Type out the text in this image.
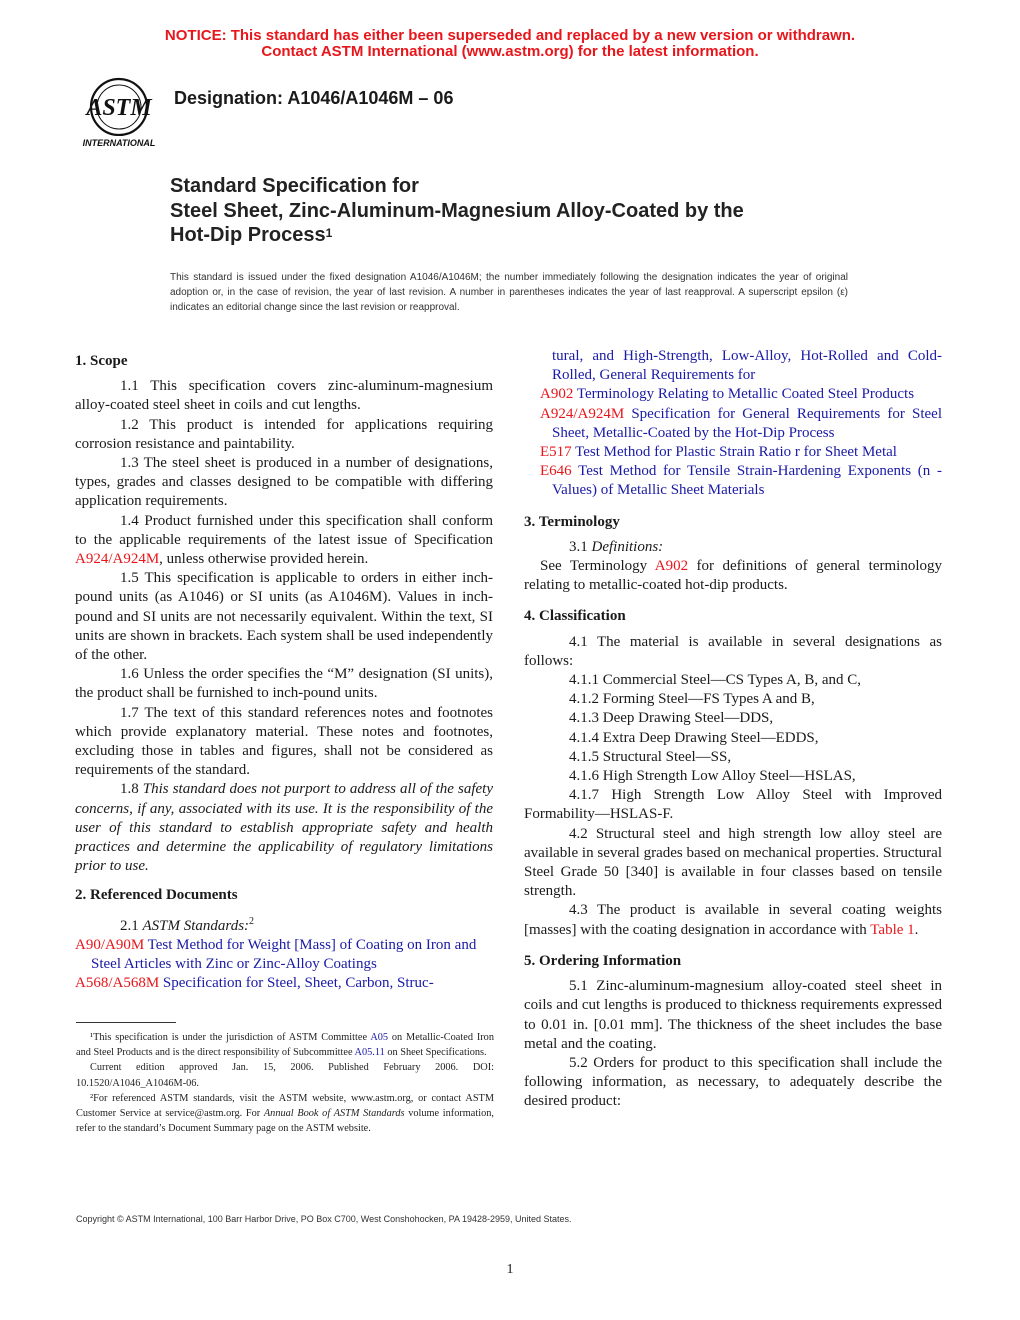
NOTICE: This standard has either been superseded and replaced by a new version or withdrawn.
Contact ASTM International (www.astm.org) for the latest information.
ASTM
INTERNATIONAL
Designation: A1046/A1046M – 06
Standard Specification for
Steel Sheet, Zinc-Aluminum-Magnesium Alloy-Coated by the
Hot-Dip Process$^1$
This standard is issued under the fixed designation A1046/A1046M; the number immediately following the designation indicates the year of original adoption or, in the case of revision, the year of last revision. A number in parentheses indicates the year of last reapproval. A superscript epsilon (ε) indicates an editorial change since the last revision or reapproval.

1. Scope

1.1 This specification covers zinc-aluminum-magnesium alloy-coated steel sheet in coils and cut lengths.

1.2 This product is intended for applications requiring corrosion resistance and paintability.

1.3 The steel sheet is produced in a number of designations, types, grades and classes designed to be compatible with differing application requirements.

1.4 Product furnished under this specification shall conform to the applicable requirements of the latest issue of Specification A924/A924M, unless otherwise provided herein.

1.5 This specification is applicable to orders in either inch-pound units (as A1046) or SI units (as A1046M). Values in inch-pound and SI units are not necessarily equivalent. Within the text, SI units are shown in brackets. Each system shall be used independently of the other.

1.6 Unless the order specifies the “M” designation (SI units), the product shall be furnished to inch-pound units.

1.7 The text of this standard references notes and footnotes which provide explanatory material. These notes and footnotes, excluding those in tables and figures, shall not be considered as requirements of the standard.

1.8 This standard does not purport to address all of the safety concerns, if any, associated with its use. It is the responsibility of the user of this standard to establish appropriate safety and health practices and determine the applicability of regulatory limitations prior to use.

2. Referenced Documents

2.1 ASTM Standards:$^2$

A90/A90M Test Method for Weight [Mass] of Coating on Iron and Steel Articles with Zinc or Zinc-Alloy Coatings

A568/A568M Specification for Steel, Sheet, Carbon, Struc-

tural, and High-Strength, Low-Alloy, Hot-Rolled and Cold-Rolled, General Requirements for

A902 Terminology Relating to Metallic Coated Steel Products

A924/A924M Specification for General Requirements for Steel Sheet, Metallic-Coated by the Hot-Dip Process

E517 Test Method for Plastic Strain Ratio r for Sheet Metal

E646 Test Method for Tensile Strain-Hardening Exponents (n -Values) of Metallic Sheet Materials

3. Terminology

3.1 Definitions:

See Terminology A902 for definitions of general terminology relating to metallic-coated hot-dip products.

4. Classification

4.1 The material is available in several designations as follows:

4.1.1 Commercial Steel—CS Types A, B, and C,

4.1.2 Forming Steel—FS Types A and B,

4.1.3 Deep Drawing Steel—DDS,

4.1.4 Extra Deep Drawing Steel—EDDS,

4.1.5 Structural Steel—SS,

4.1.6 High Strength Low Alloy Steel—HSLAS,

4.1.7 High Strength Low Alloy Steel with Improved Formability—HSLAS-F.

4.2 Structural steel and high strength low alloy steel are available in several grades based on mechanical properties. Structural Steel Grade 50 [340] is available in four classes based on tensile strength.

4.3 The product is available in several coating weights [masses] with the coating designation in accordance with Table 1.

5. Ordering Information

5.1 Zinc-aluminum-magnesium alloy-coated steel sheet in coils and cut lengths is produced to thickness requirements expressed to 0.01 in. [0.01 mm]. The thickness of the sheet includes the base metal and the coating.

5.2 Orders for product to this specification shall include the following information, as necessary, to adequately describe the desired product:

¹This specification is under the jurisdiction of ASTM Committee A05 on Metallic-Coated Iron and Steel Products and is the direct responsibility of Subcommittee A05.11 on Sheet Specifications.

Current edition approved Jan. 15, 2006. Published February 2006. DOI: 10.1520/A1046_A1046M-06.

²For referenced ASTM standards, visit the ASTM website, www.astm.org, or contact ASTM Customer Service at service@astm.org. For Annual Book of ASTM Standards volume information, refer to the standard’s Document Summary page on the ASTM website.

Copyright © ASTM International, 100 Barr Harbor Drive, PO Box C700, West Conshohocken, PA 19428-2959, United States.
1
